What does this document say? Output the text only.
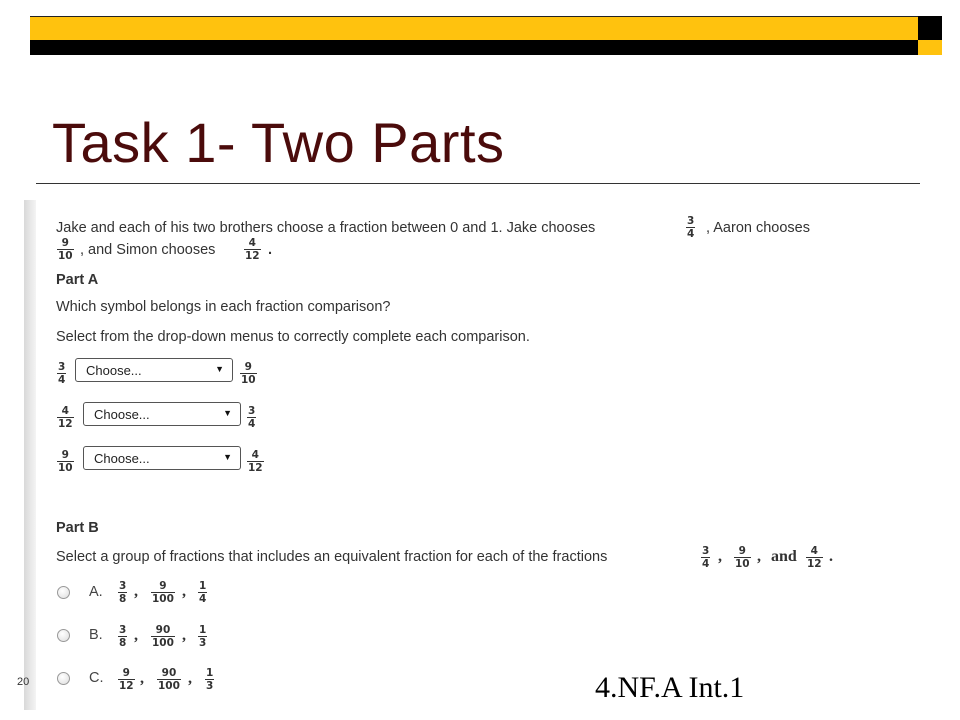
Task 1- Two Parts
Jake and each of his two brothers choose a fraction between 0 and 1. Jake chooses	$\frac{3}{4}$ , Aaron chooses
$\frac{9}{10}$ , and Simon chooses	$\frac{4}{12}$ .
Part A
Which symbol belongs in each fraction comparison?
Select from the drop-down menus to correctly complete each comparison.
$\frac{3}{4}$	Choose...	▼ $\frac{9}{10}$
$\frac{4}{12}$	Choose...	▼ $\frac{3}{4}$
$\frac{9}{10}$	Choose...	▼ $\frac{4}{12}$
Part B
Select a group of fractions that includes an equivalent fraction for each of the fractions	$\frac{3}{4}$ , $\frac{9}{10}$ , and $\frac{4}{12}$ .
A. $\frac{3}{8}$ , $\frac{9}{100}$ , $\frac{1}{4}$
B. $\frac{3}{8}$ , $\frac{90}{100}$ , $\frac{1}{3}$
C. $\frac{9}{12}$ , $\frac{90}{100}$ , $\frac{1}{3}$
20	4.NF.A Int.1
